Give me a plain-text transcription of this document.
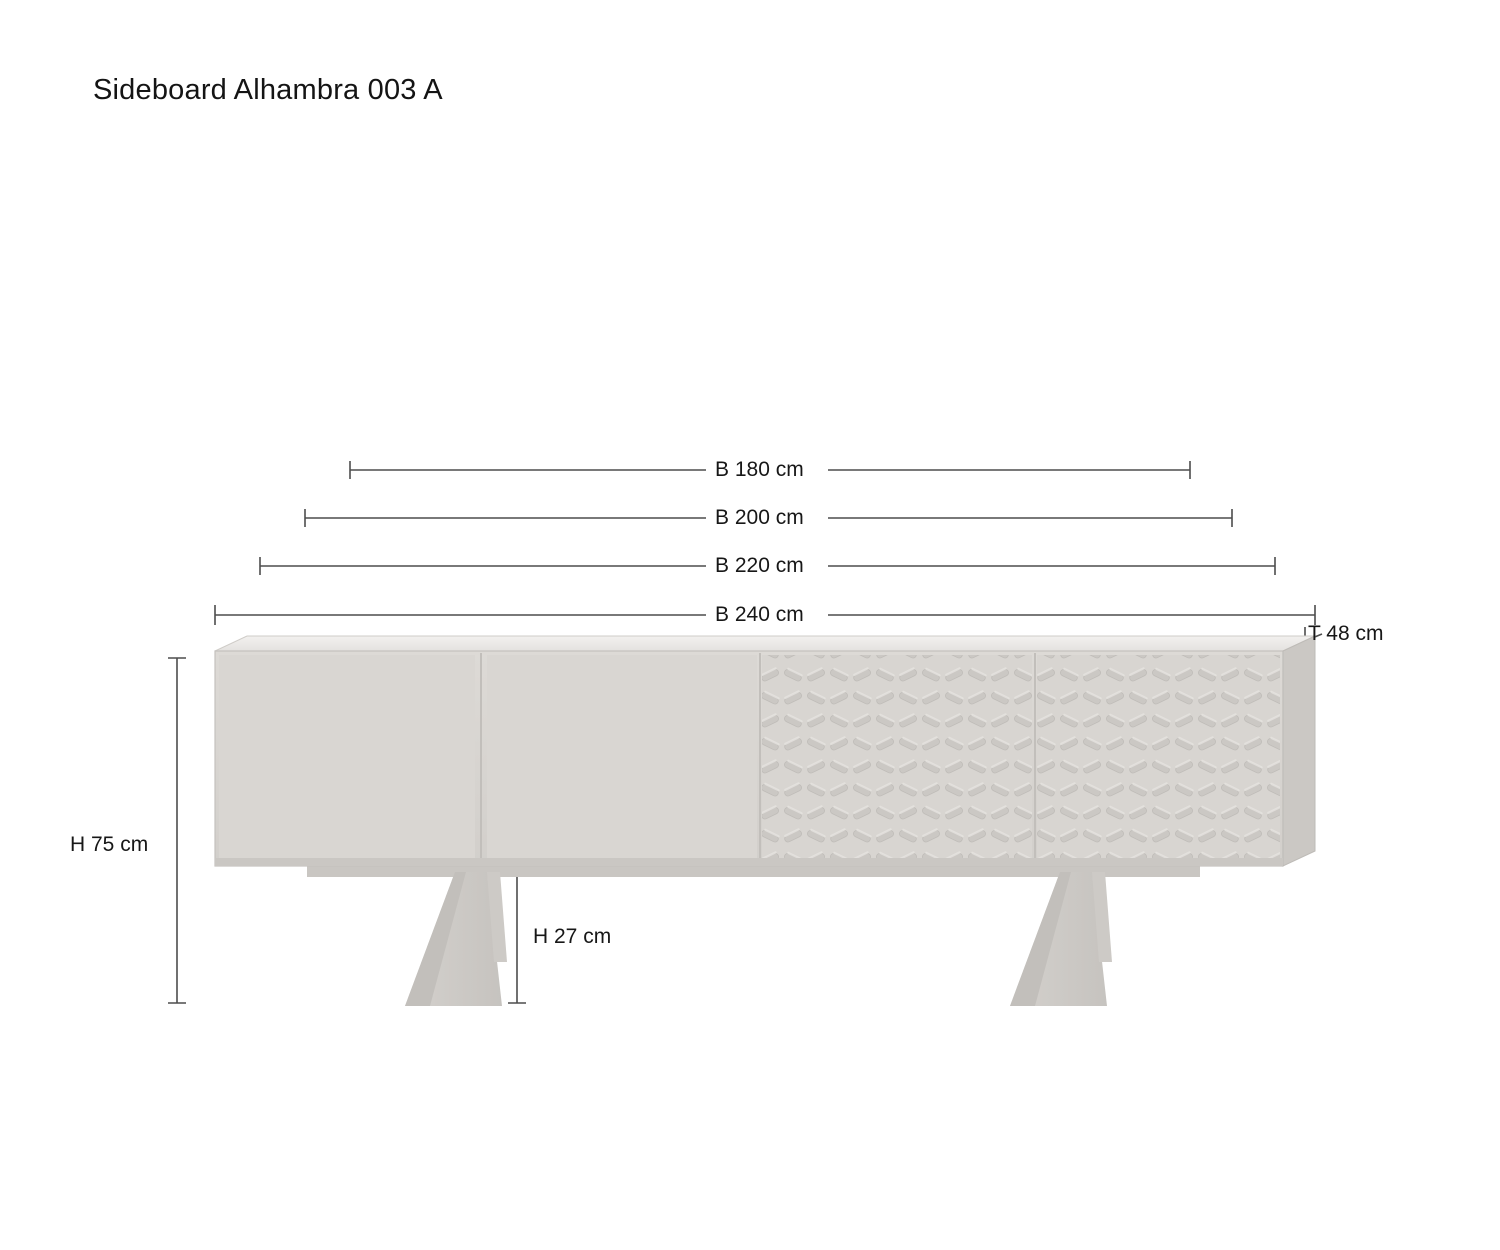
Sideboard Alhambra 003 A
B 180 cm
B 200 cm
B 220 cm
B 240 cm
T 48 cm
H 75 cm
H 27 cm
